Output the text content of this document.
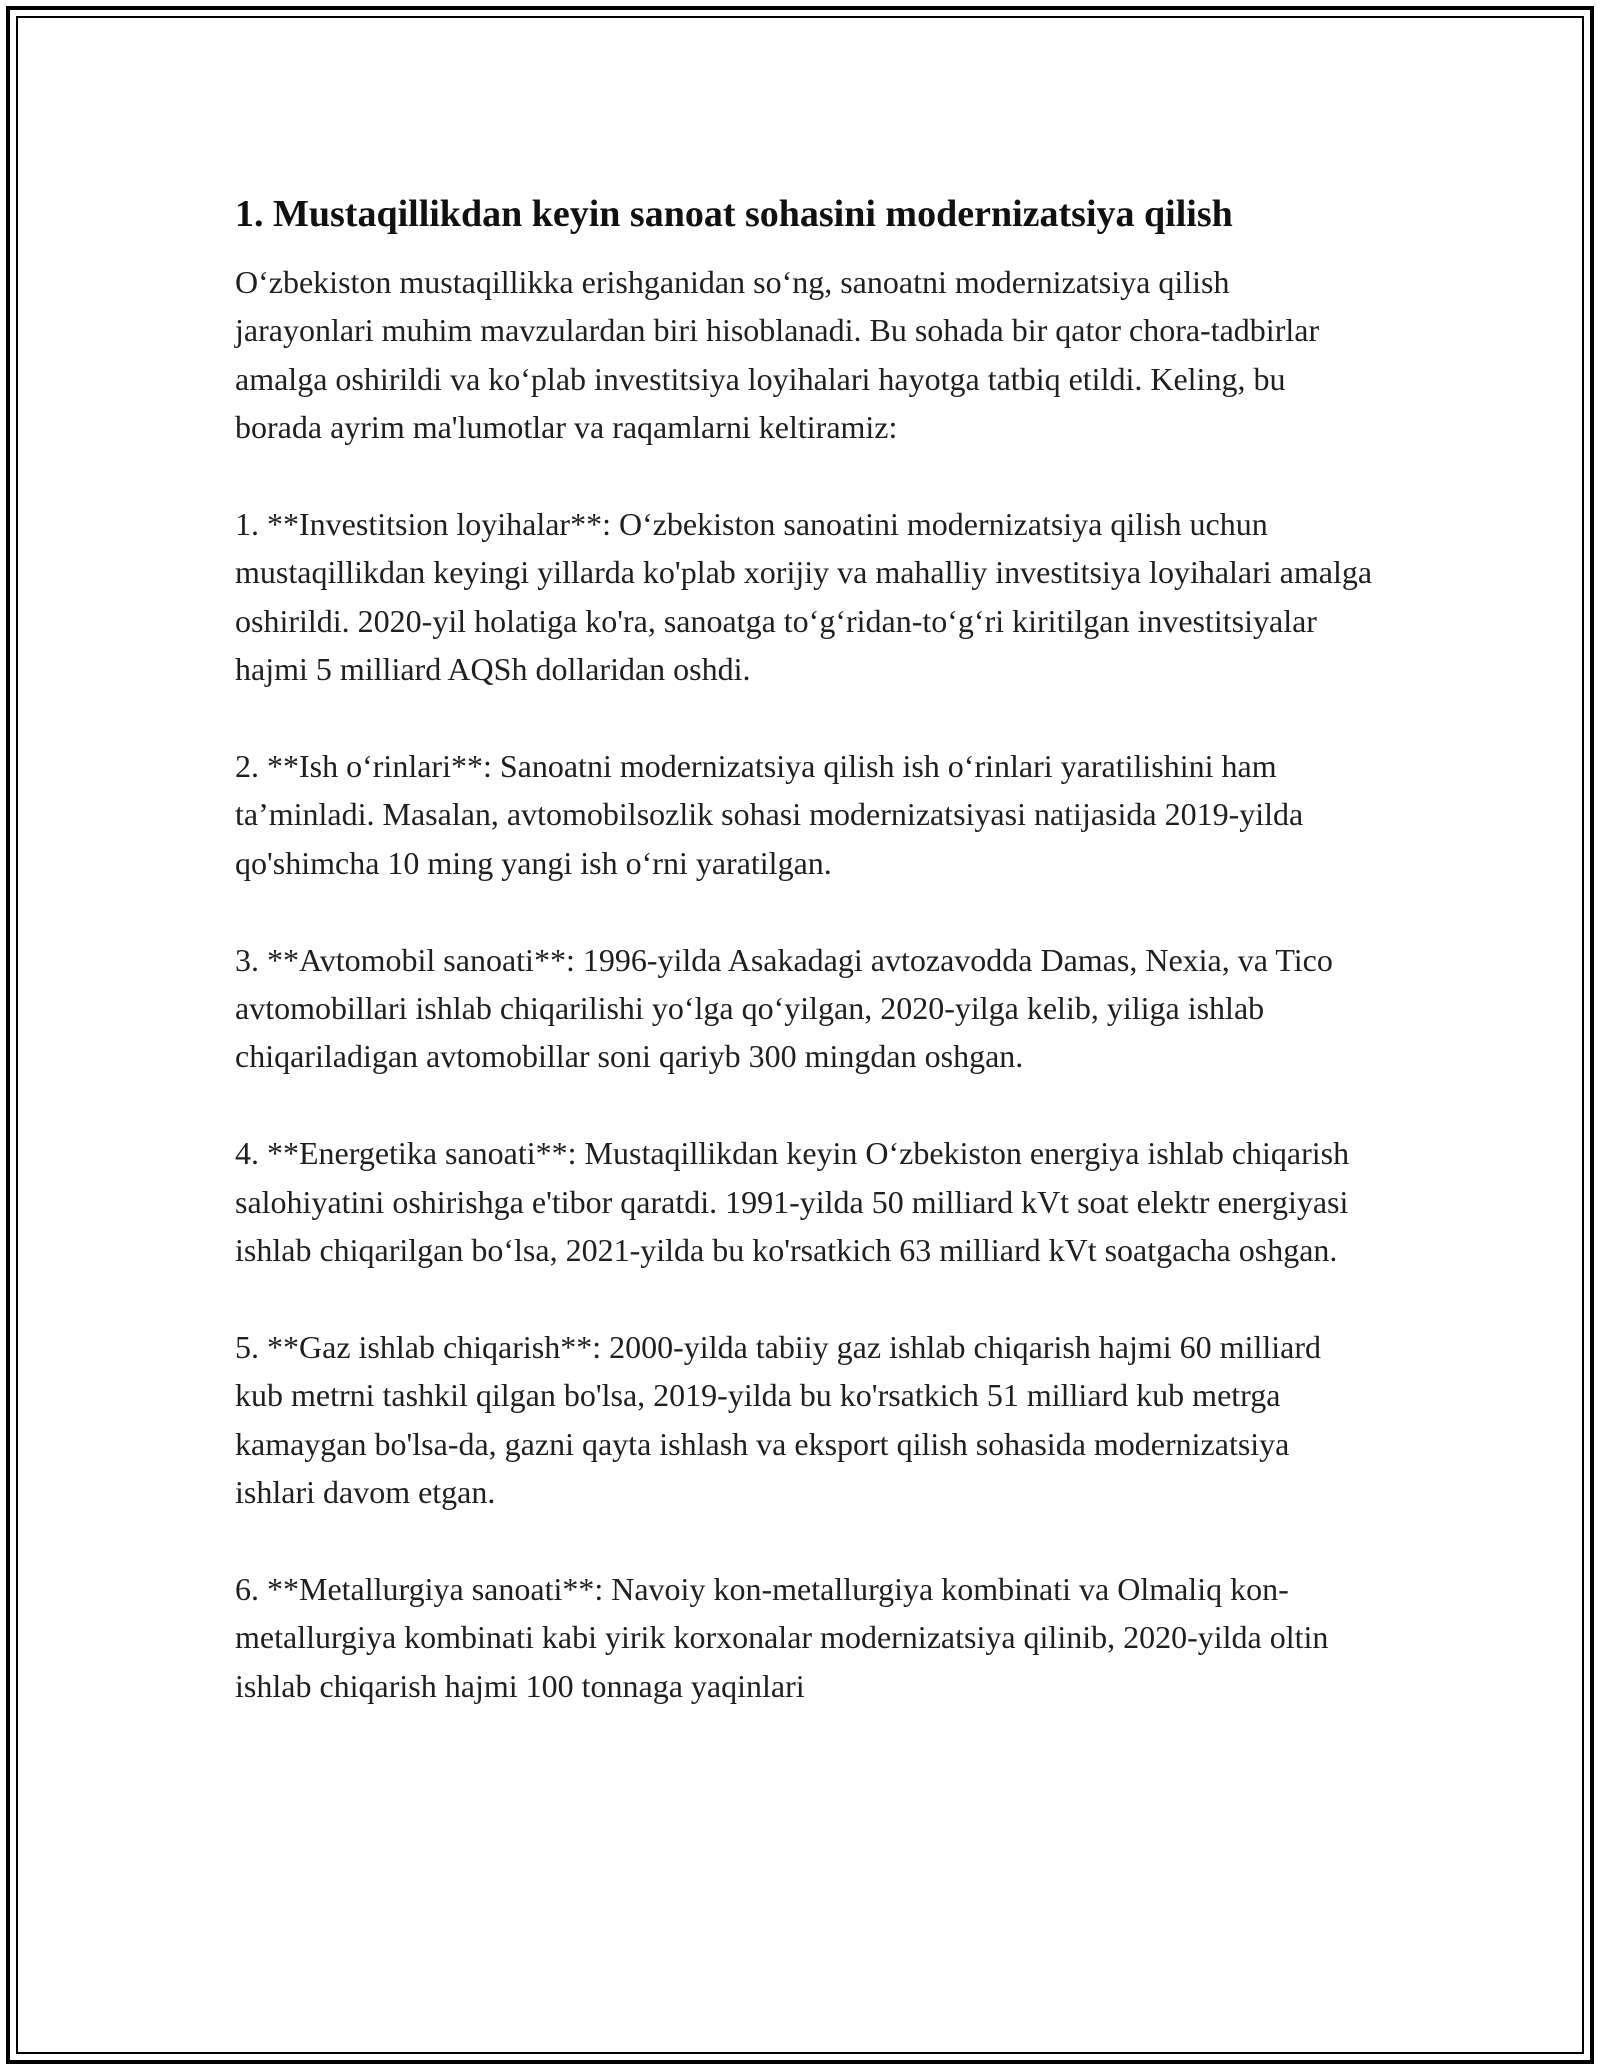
1. Mustaqillikdan keyin sanoat sohasini modernizatsiya qilish

O‘zbekiston mustaqillikka erishganidan so‘ng, sanoatni modernizatsiya qilish jarayonlari muhim mavzulardan biri hisoblanadi. Bu sohada bir qator chora-tadbirlar amalga oshirildi va ko‘plab investitsiya loyihalari hayotga tatbiq etildi. Keling, bu borada ayrim ma'lumotlar va raqamlarni keltiramiz:

1. **Investitsion loyihalar**: O‘zbekiston sanoatini modernizatsiya qilish uchun mustaqillikdan keyingi yillarda ko'plab xorijiy va mahalliy investitsiya loyihalari amalga oshirildi. 2020-yil holatiga ko'ra, sanoatga to‘g‘ridan-to‘g‘ri kiritilgan investitsiyalar hajmi 5 milliard AQSh dollaridan oshdi.

2. **Ish o‘rinlari**: Sanoatni modernizatsiya qilish ish o‘rinlari yaratilishini ham ta’minladi. Masalan, avtomobilsozlik sohasi modernizatsiyasi natijasida 2019-yilda qo'shimcha 10 ming yangi ish o‘rni yaratilgan.

3. **Avtomobil sanoati**: 1996-yilda Asakadagi avtozavodda Damas, Nexia, va Tico avtomobillari ishlab chiqarilishi yo‘lga qo‘yilgan, 2020-yilga kelib, yiliga ishlab chiqariladigan avtomobillar soni qariyb 300 mingdan oshgan.

4. **Energetika sanoati**: Mustaqillikdan keyin O‘zbekiston energiya ishlab chiqarish salohiyatini oshirishga e'tibor qaratdi. 1991-yilda 50 milliard kVt soat elektr energiyasi ishlab chiqarilgan bo‘lsa, 2021-yilda bu ko'rsatkich 63 milliard kVt soatgacha oshgan.

5. **Gaz ishlab chiqarish**: 2000-yilda tabiiy gaz ishlab chiqarish hajmi 60 milliard kub metrni tashkil qilgan bo'lsa, 2019-yilda bu ko'rsatkich 51 milliard kub metrga kamaygan bo'lsa-da, gazni qayta ishlash va eksport qilish sohasida modernizatsiya ishlari davom etgan.

6. **Metallurgiya sanoati**: Navoiy kon-metallurgiya kombinati va Olmaliq kon-metallurgiya kombinati kabi yirik korxonalar modernizatsiya qilinib, 2020-yilda oltin ishlab chiqarish hajmi 100 tonnaga yaqinlari
